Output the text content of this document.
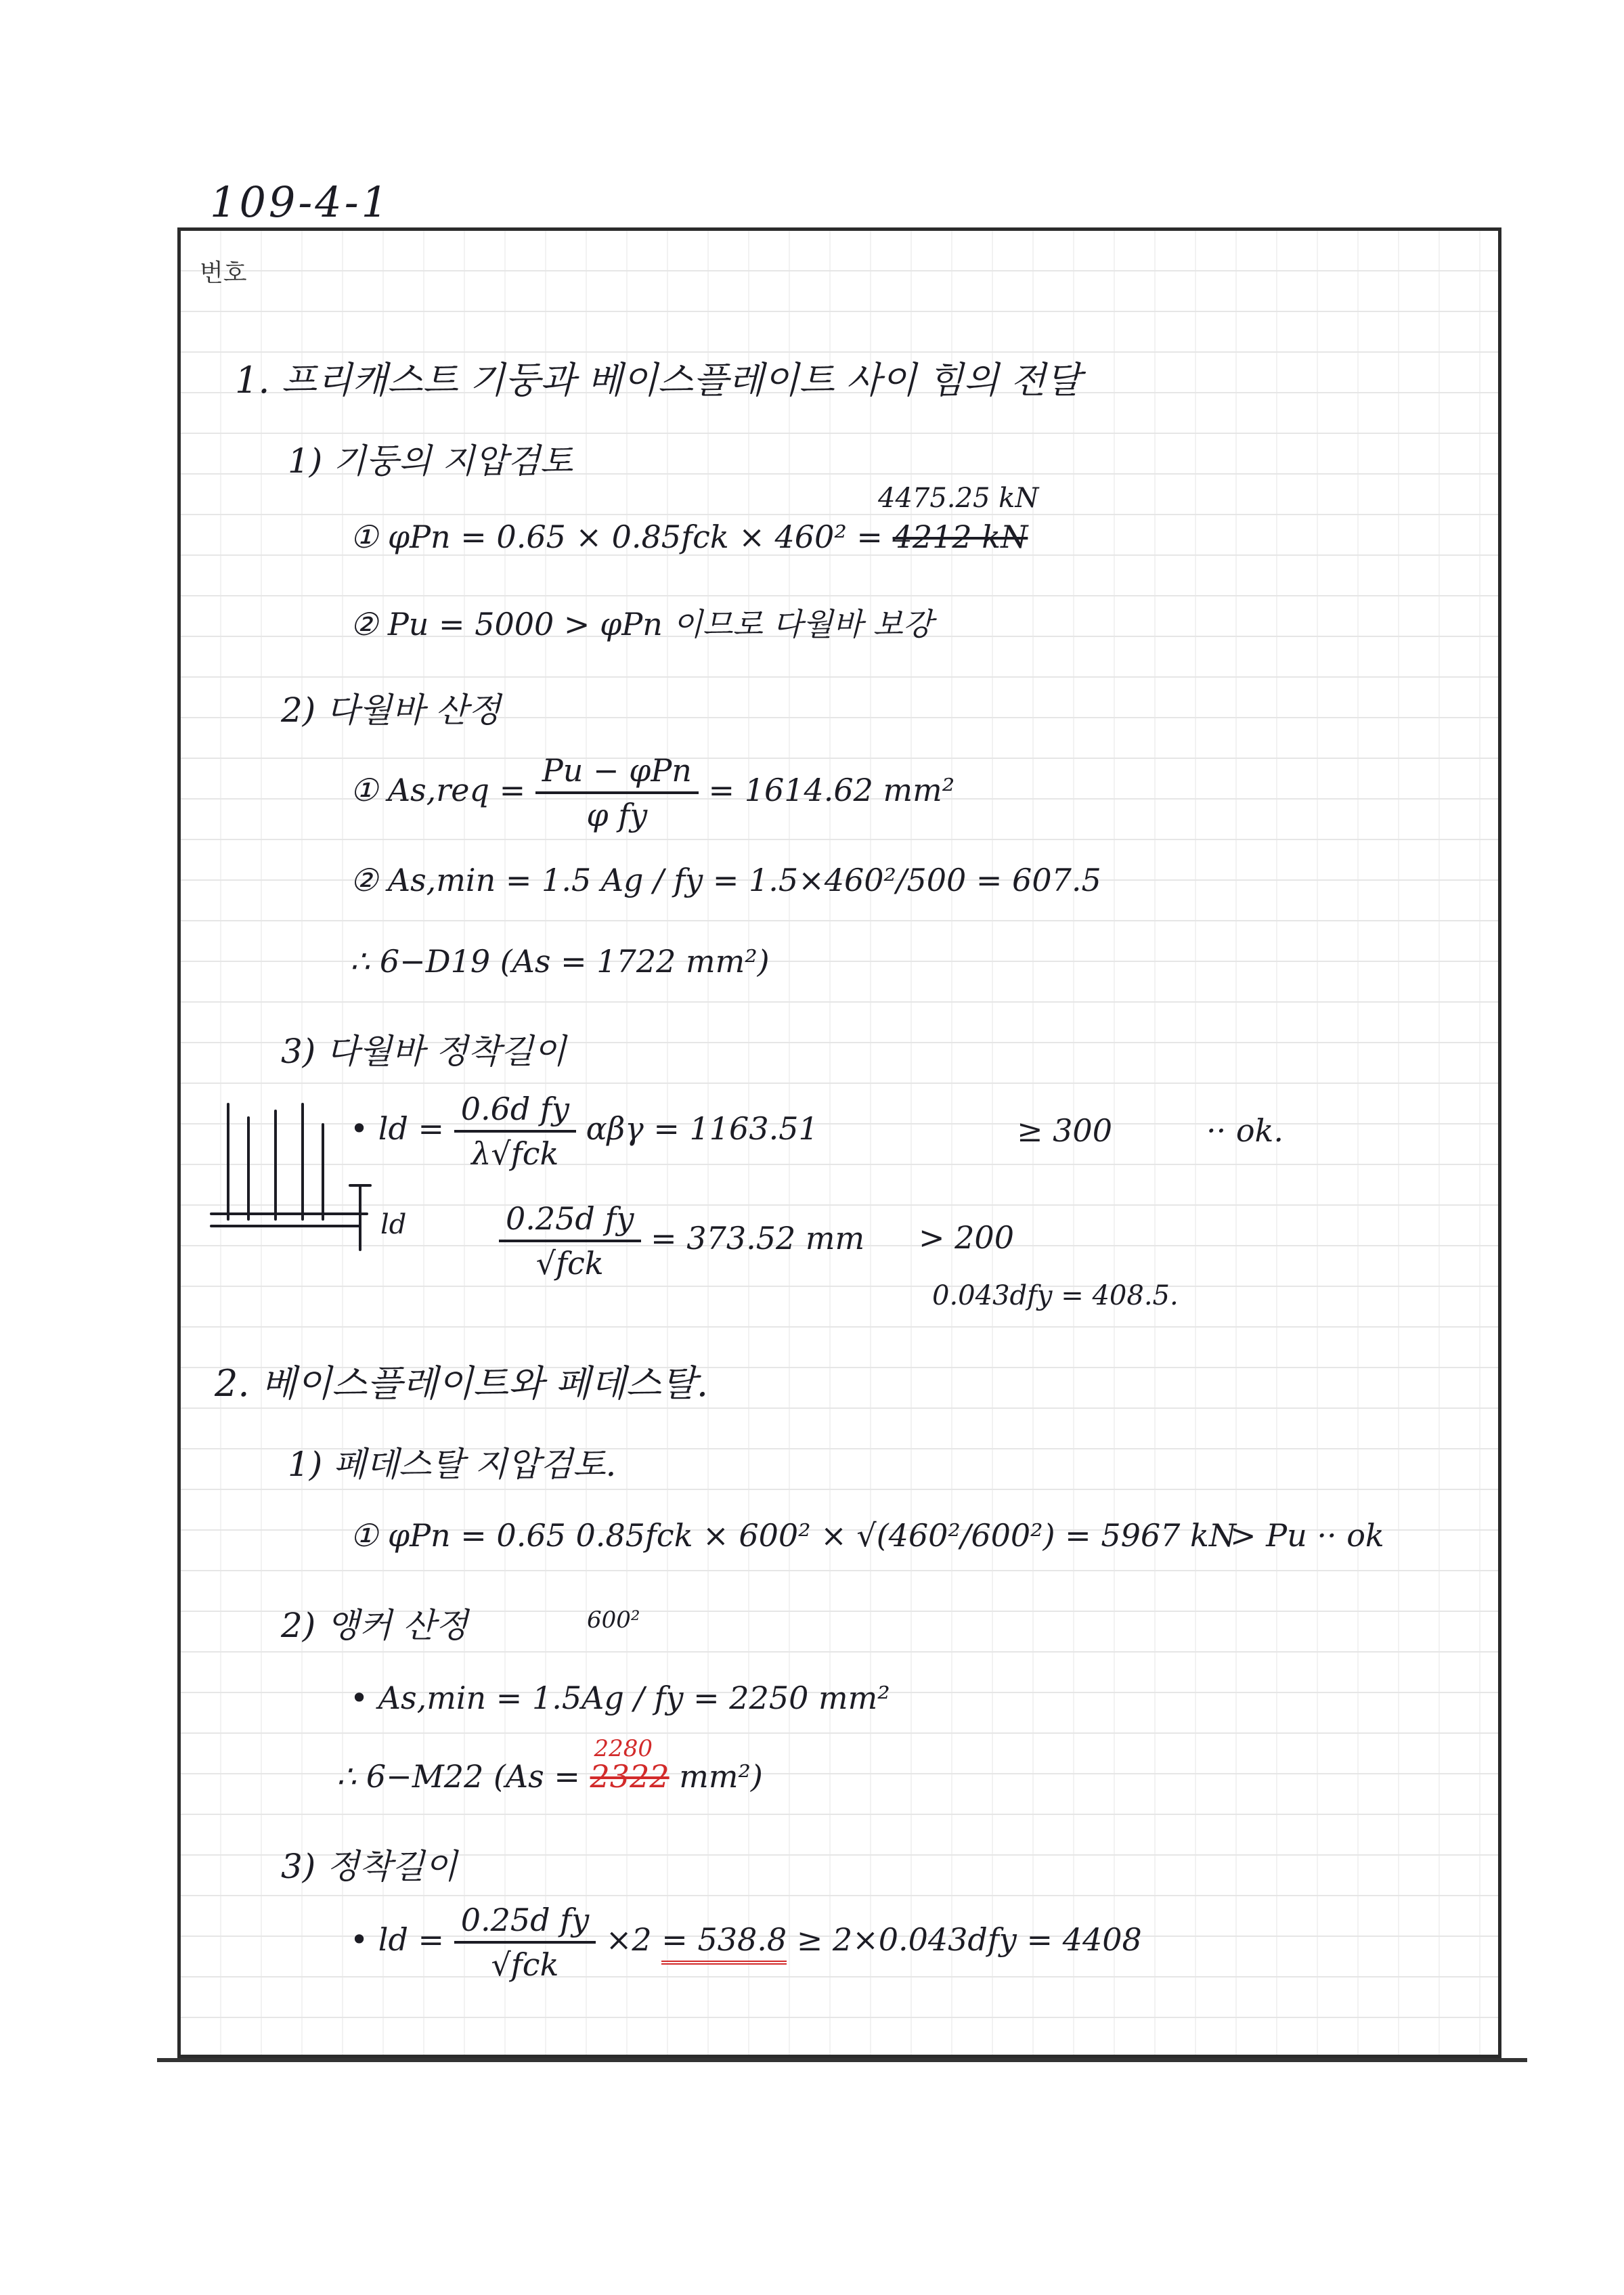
109-4-1
번호
1. 프리캐스트 기둥과 베이스플레이트 사이 힘의 전달
1) 기둥의 지압검토
4475.25 kN
① φPn = 0.65 × 0.85fck × 460² = 4212 kN
② Pu = 5000 > φPn 이므로 다월바 보강
2) 다월바 산정
① $As,req = \frac{\text{Pu − φPn}}{\text{φ fy}} = 1614.62$ mm²
② As,min = 1.5 Ag / fy = 1.5×460²/500 = 607.5
∴ 6−D19 (As = 1722 mm²)
3) 다월바 정착길이
• ld = $\frac{\text{0.6d fy}}{\text{λ√fck}}$ αβγ = 1163.51	≥ 300	·· ok.
ld	$\frac{\text{0.25d fy}}{\text{√fck}} = 373.52$ mm > 200
0.043dfy = 408.5.
2. 베이스플레이트와 페데스탈.
1) 페데스탈 지압검토.
① φPn = 0.65 0.85fck × 600² × √(460²/600²) = 5967 kN
> Pu ·· ok
2) 앵커 산정	600²
• As,min = 1.5Ag / fy = 2250 mm²
∴ 6−M22 (As =
2280
2322 mm²)
3) 정착길이
• ld = $\frac{\text{0.25d fy}}{\text{√fck}} \times 2 = 538.8 \ge 2\times 0.043dfy = 4408$
